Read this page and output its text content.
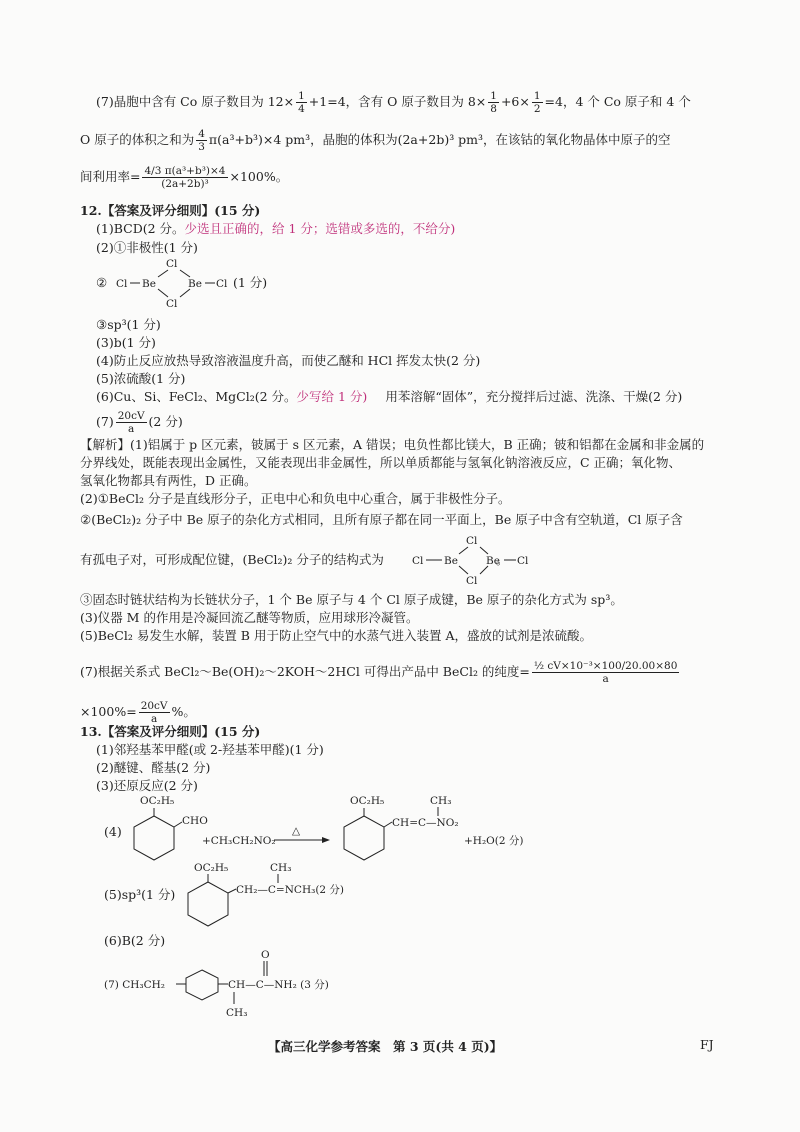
(7)晶胞中含有 Co 原子数目为 $12\times \frac{1}{4} +1=4$，含有 O 原子数目为 $8\times \frac{1}{8} +6\times \frac{1}{2} =4$，4 个 Co 原子和 4 个
O 原子的体积之和为 $\frac{4}{3} \pi(a^3+b^3)\times 4$ pm³，晶胞的体积为(2a+2b)³ pm³，在该钴的氧化物晶体中原子的空
间利用率= $\frac{\text{4/3 π(a³+b³)×4}}{\text{(2a+2b)³}} \times 100\%$。
12.【答案及评分细则】(15 分)
(1)BCD(2 分。少选且正确的，给 1 分；选错或多选的，不给分)
(2)①非极性(1 分)
② Cl Be
Cl
Cl
Be Cl (1 分)
③sp³(1 分)
(3)b(1 分)
(4)防止反应放热导致溶液温度升高，而使乙醚和 HCl 挥发太快(2 分)
(5)浓硫酸(1 分)
(6)Cu、Si、FeCl₂、MgCl₂(2 分。少写给 1 分) 用苯溶解“固体”，充分搅拌后过滤、洗涤、干燥(2 分)
$(7) \frac{20cV}{a} (2$ 分)
【解析】(1)铝属于 p 区元素，铍属于 s 区元素，A 错误；电负性都比镁大，B 正确；铍和铝都在金属和非金属的
分界线处，既能表现出金属性，又能表现出非金属性，所以单质都能与氢氧化钠溶液反应，C 正确；氧化物、
氢氧化物都具有两性，D 正确。
(2)①BeCl₂ 分子是直线形分子，正电中心和负电中心重合，属于非极性分子。
②(BeCl₂)₂ 分子中 Be 原子的杂化方式相同，且所有原子都在同一平面上，Be 原子中含有空轨道，Cl 原子含
有孤电子对，可形成配位键，(BeCl₂)₂ 分子的结构式为	。
Cl Be
Cl
Cl
Be Cl
③固态时链状结构为长链状分子，1 个 Be 原子与 4 个 Cl 原子成键，Be 原子的杂化方式为 sp³。
(3)仪器 M 的作用是冷凝回流乙醚等物质，应用球形冷凝管。
(5)BeCl₂ 易发生水解，装置 B 用于防止空气中的水蒸气进入装置 A，盛放的试剂是浓硫酸。
(7)根据关系式 BeCl₂～Be(OH)₂～2KOH～2HCl 可得出产品中 BeCl₂ 的纯度= $\frac{\text{½ cV×10⁻³×100/20.00×80}}{a}$
$\times 100\%= \frac{20cV}{a}$ %。
13.【答案及评分细则】(15 分)
(1)邻羟基苯甲醛(或 2-羟基苯甲醛)(1 分)
(2)醚键、醛基(2 分)
(3)还原反应(2 分)
(4)
OC₂H₅
CHO
+CH₃CH₂NO₂
△
OC₂H₅
CH=C—NO₂
CH₃
+H₂O(2 分)
(5)sp³(1 分)
OC₂H₅
CH₂—C=NCH₃(2 分)
CH₃
(6)B(2 分)
(7) CH₃CH₂	CH—C—NH₂ (3 分)
O
CH₃
【高三化学参考答案　第 3 页(共 4 页)】	FJ
